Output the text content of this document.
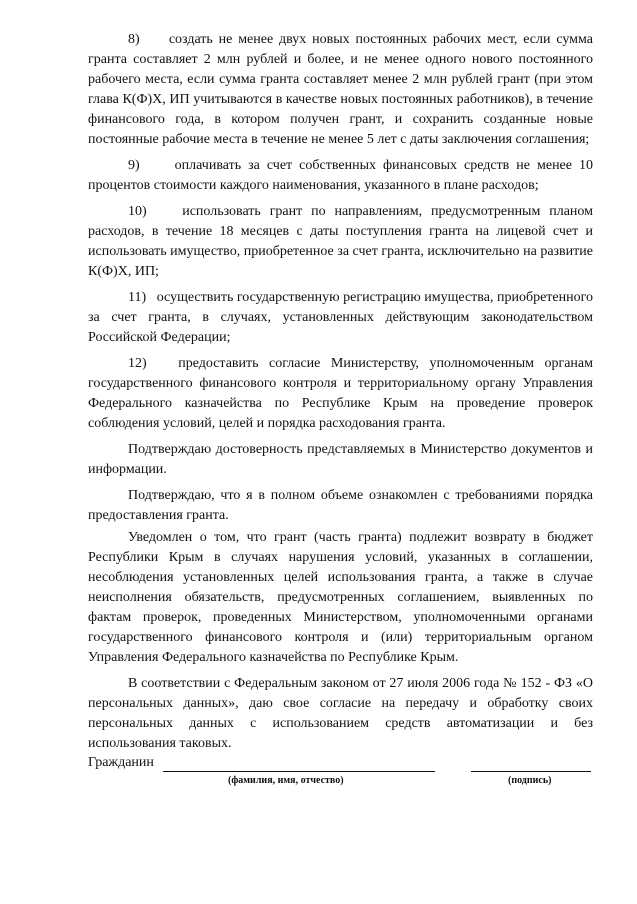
8)     создать не менее двух новых постоянных рабочих мест, если сумма гранта составляет 2 млн рублей и более, и не менее одного нового постоянного рабочего места, если сумма гранта составляет менее 2 млн рублей грант (при этом глава К(Ф)Х, ИП учитываются в качестве новых постоянных работников), в течение финансового года, в котором получен грант, и сохранить созданные новые постоянные рабочие места в течение не менее 5 лет с даты заключения соглашения;

9)     оплачивать за счет собственных финансовых средств не менее 10 процентов стоимости каждого наименования, указанного в плане расходов;

10)    использовать грант по направлениям, предусмотренным планом расходов, в течение 18 месяцев с даты поступления гранта на лицевой счет и использовать имущество, приобретенное за счет гранта, исключительно на развитие К(Ф)Х, ИП;

11)   осуществить государственную регистрацию имущества, приобретенного за счет гранта, в случаях, установленных действующим законодательством Российской Федерации;

12)   предоставить согласие Министерству, уполномоченным органам государственного финансового контроля и территориальному органу Управления Федерального казначейства по Республике Крым на проведение проверок соблюдения условий, целей и порядка расходования гранта.

Подтверждаю достоверность представляемых в Министерство документов и информации.

Подтверждаю, что я в полном объеме ознакомлен с требованиями порядка предоставления гранта.

Уведомлен о том, что грант (часть гранта) подлежит возврату в бюджет Республики Крым в случаях нарушения условий, указанных в соглашении, несоблюдения установленных целей использования гранта, а также в случае неисполнения обязательств, предусмотренных соглашением, выявленных по фактам проверок, проведенных Министерством, уполномоченными органами государственного финансового контроля и (или) территориальным органом Управления Федерального казначейства по Республике Крым.

В соответствии с Федеральным законом от 27 июля 2006 года № 152 - ФЗ «О персональных данных», даю свое согласие на передачу и обработку своих персональных данных с использованием средств автоматизации и без использования таковых.

Гражданин
(фамилия, имя, отчество)	(подпись)
